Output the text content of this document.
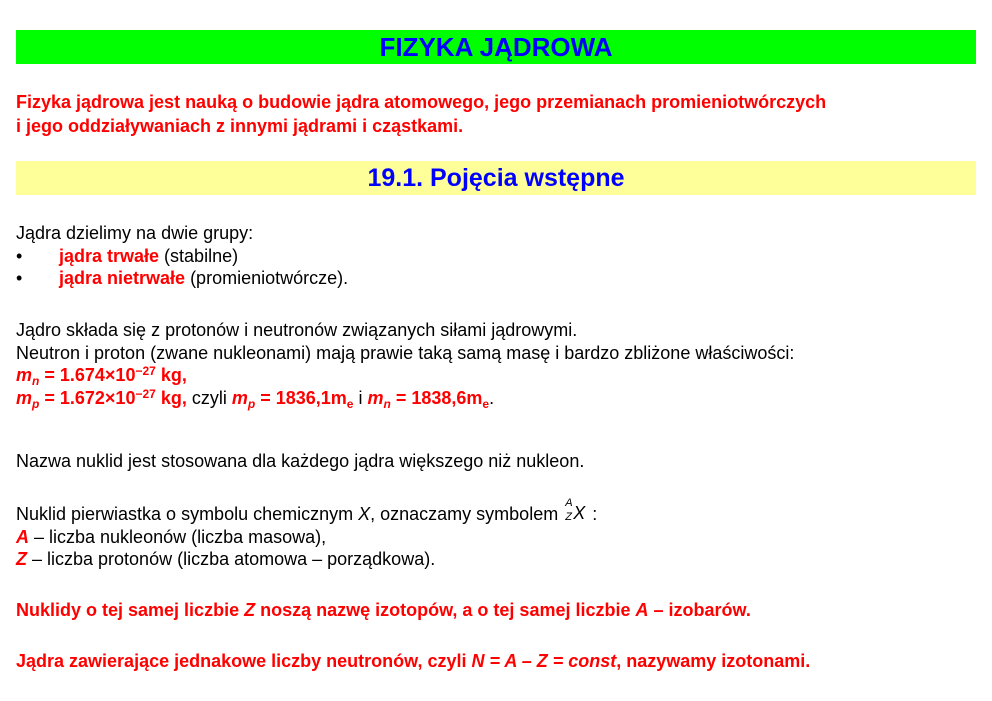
FIZYKA JĄDROWA
Fizyka jądrowa jest nauką o budowie jądra atomowego, jego przemianach promieniotwórczych
i jego oddziaływaniach z innymi jądrami i cząstkami.
19.1. Pojęcia wstępne
Jądra dzielimy na dwie grupy:
• jądra trwałe (stabilne)
• jądra nietrwałe (promieniotwórcze).
Jądro składa się z protonów i neutronów związanych siłami jądrowymi.
Neutron i proton (zwane nukleonami) mają prawie taką samą masę i bardzo zbliżone właściwości:
$m_n = 1.674\times 10^{-27}$ kg,
$m_p = 1.672\times 10^{-27}$ kg, czyli $m_p = 1836,1m_e$ i $m_n = 1838,6m_e$.
Nazwa nuklid jest stosowana dla każdego jądra większego niż nukleon.
Nuklid pierwiastka o symbolu chemicznym X, oznaczamy symbolem
A
Z X :
A – liczba nukleonów (liczba masowa),
Z – liczba protonów (liczba atomowa – porządkowa).
Nuklidy o tej samej liczbie Z noszą nazwę izotopów, a o tej samej liczbie A – izobarów.
Jądra zawierające jednakowe liczby neutronów, czyli N = A – Z = const, nazywamy izotonami.
